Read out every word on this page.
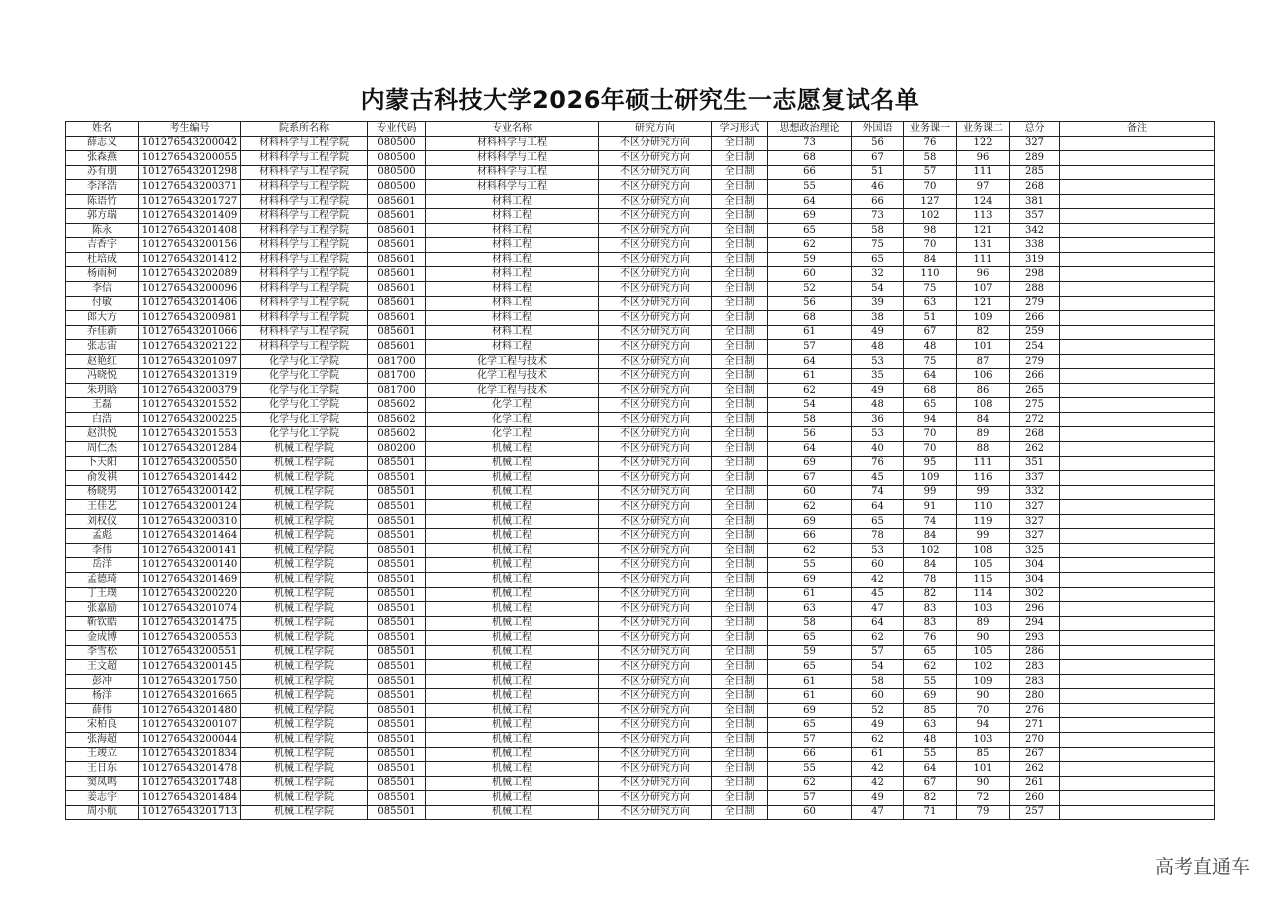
内蒙古科技大学2026年硕士研究生一志愿复试名单
姓名	考生编号	院系所名称	专业代码	专业名称	研究方向	学习形式	思想政治理论	外国语	业务课一	业务课二	总分	备注
薛志义	101276543200042	材料科学与工程学院	080500	材料科学与工程	不区分研究方向	全日制	73	56	76	122	327	
张森燕	101276543200055	材料科学与工程学院	080500	材料科学与工程	不区分研究方向	全日制	68	67	58	96	289	
苏有朋	101276543201298	材料科学与工程学院	080500	材料科学与工程	不区分研究方向	全日制	66	51	57	111	285	
李泽浩	101276543200371	材料科学与工程学院	080500	材料科学与工程	不区分研究方向	全日制	55	46	70	97	268	
陈语竹	101276543201727	材料科学与工程学院	085601	材料工程	不区分研究方向	全日制	64	66	127	124	381	
郭方瑞	101276543201409	材料科学与工程学院	085601	材料工程	不区分研究方向	全日制	69	73	102	113	357	
陈永	101276543201408	材料科学与工程学院	085601	材料工程	不区分研究方向	全日制	65	58	98	121	342	
吉香宇	101276543200156	材料科学与工程学院	085601	材料工程	不区分研究方向	全日制	62	75	70	131	338	
杜培成	101276543201412	材料科学与工程学院	085601	材料工程	不区分研究方向	全日制	59	65	84	111	319	
杨雨柯	101276543202089	材料科学与工程学院	085601	材料工程	不区分研究方向	全日制	60	32	110	96	298	
李信	101276543200096	材料科学与工程学院	085601	材料工程	不区分研究方向	全日制	52	54	75	107	288	
付敏	101276543201406	材料科学与工程学院	085601	材料工程	不区分研究方向	全日制	56	39	63	121	279	
郎大方	101276543200981	材料科学与工程学院	085601	材料工程	不区分研究方向	全日制	68	38	51	109	266	
乔佳新	101276543201066	材料科学与工程学院	085601	材料工程	不区分研究方向	全日制	61	49	67	82	259	
张志宙	101276543202122	材料科学与工程学院	085601	材料工程	不区分研究方向	全日制	57	48	48	101	254	
赵艳红	101276543201097	化学与化工学院	081700	化学工程与技术	不区分研究方向	全日制	64	53	75	87	279	
冯晓悦	101276543201319	化学与化工学院	081700	化学工程与技术	不区分研究方向	全日制	61	35	64	106	266	
朱玥晗	101276543200379	化学与化工学院	081700	化学工程与技术	不区分研究方向	全日制	62	49	68	86	265	
王磊	101276543201552	化学与化工学院	085602	化学工程	不区分研究方向	全日制	54	48	65	108	275	
白浩	101276543200225	化学与化工学院	085602	化学工程	不区分研究方向	全日制	58	36	94	84	272	
赵洪悦	101276543201553	化学与化工学院	085602	化学工程	不区分研究方向	全日制	56	53	70	89	268	
周仁杰	101276543201284	机械工程学院	080200	机械工程	不区分研究方向	全日制	64	40	70	88	262	
卜天阳	101276543200550	机械工程学院	085501	机械工程	不区分研究方向	全日制	69	76	95	111	351	
俞发祺	101276543201442	机械工程学院	085501	机械工程	不区分研究方向	全日制	67	45	109	116	337	
杨晓男	101276543200142	机械工程学院	085501	机械工程	不区分研究方向	全日制	60	74	99	99	332	
王佳艺	101276543200124	机械工程学院	085501	机械工程	不区分研究方向	全日制	62	64	91	110	327	
刘权仪	101276543200310	机械工程学院	085501	机械工程	不区分研究方向	全日制	69	65	74	119	327	
孟彪	101276543201464	机械工程学院	085501	机械工程	不区分研究方向	全日制	66	78	84	99	327	
李伟	101276543200141	机械工程学院	085501	机械工程	不区分研究方向	全日制	62	53	102	108	325	
岳洋	101276543200140	机械工程学院	085501	机械工程	不区分研究方向	全日制	55	60	84	105	304	
孟德琦	101276543201469	机械工程学院	085501	机械工程	不区分研究方向	全日制	69	42	78	115	304	
丁王璞	101276543200220	机械工程学院	085501	机械工程	不区分研究方向	全日制	61	45	82	114	302	
张嘉励	101276543201074	机械工程学院	085501	机械工程	不区分研究方向	全日制	63	47	83	103	296	
靳钦皓	101276543201475	机械工程学院	085501	机械工程	不区分研究方向	全日制	58	64	83	89	294	
金成博	101276543200553	机械工程学院	085501	机械工程	不区分研究方向	全日制	65	62	76	90	293	
李雪松	101276543200551	机械工程学院	085501	机械工程	不区分研究方向	全日制	59	57	65	105	286	
王文超	101276543200145	机械工程学院	085501	机械工程	不区分研究方向	全日制	65	54	62	102	283	
彭冲	101276543201750	机械工程学院	085501	机械工程	不区分研究方向	全日制	61	58	55	109	283	
杨洋	101276543201665	机械工程学院	085501	机械工程	不区分研究方向	全日制	61	60	69	90	280	
薛伟	101276543201480	机械工程学院	085501	机械工程	不区分研究方向	全日制	69	52	85	70	276	
宋柏良	101276543200107	机械工程学院	085501	机械工程	不区分研究方向	全日制	65	49	63	94	271	
张海超	101276543200044	机械工程学院	085501	机械工程	不区分研究方向	全日制	57	62	48	103	270	
王竣立	101276543201834	机械工程学院	085501	机械工程	不区分研究方向	全日制	66	61	55	85	267	
王日东	101276543201478	机械工程学院	085501	机械工程	不区分研究方向	全日制	55	42	64	101	262	
窦凤鸣	101276543201748	机械工程学院	085501	机械工程	不区分研究方向	全日制	62	42	67	90	261	
姜志宇	101276543201484	机械工程学院	085501	机械工程	不区分研究方向	全日制	57	49	82	72	260	
周小航	101276543201713	机械工程学院	085501	机械工程	不区分研究方向	全日制	60	47	71	79	257	
高考直通车
